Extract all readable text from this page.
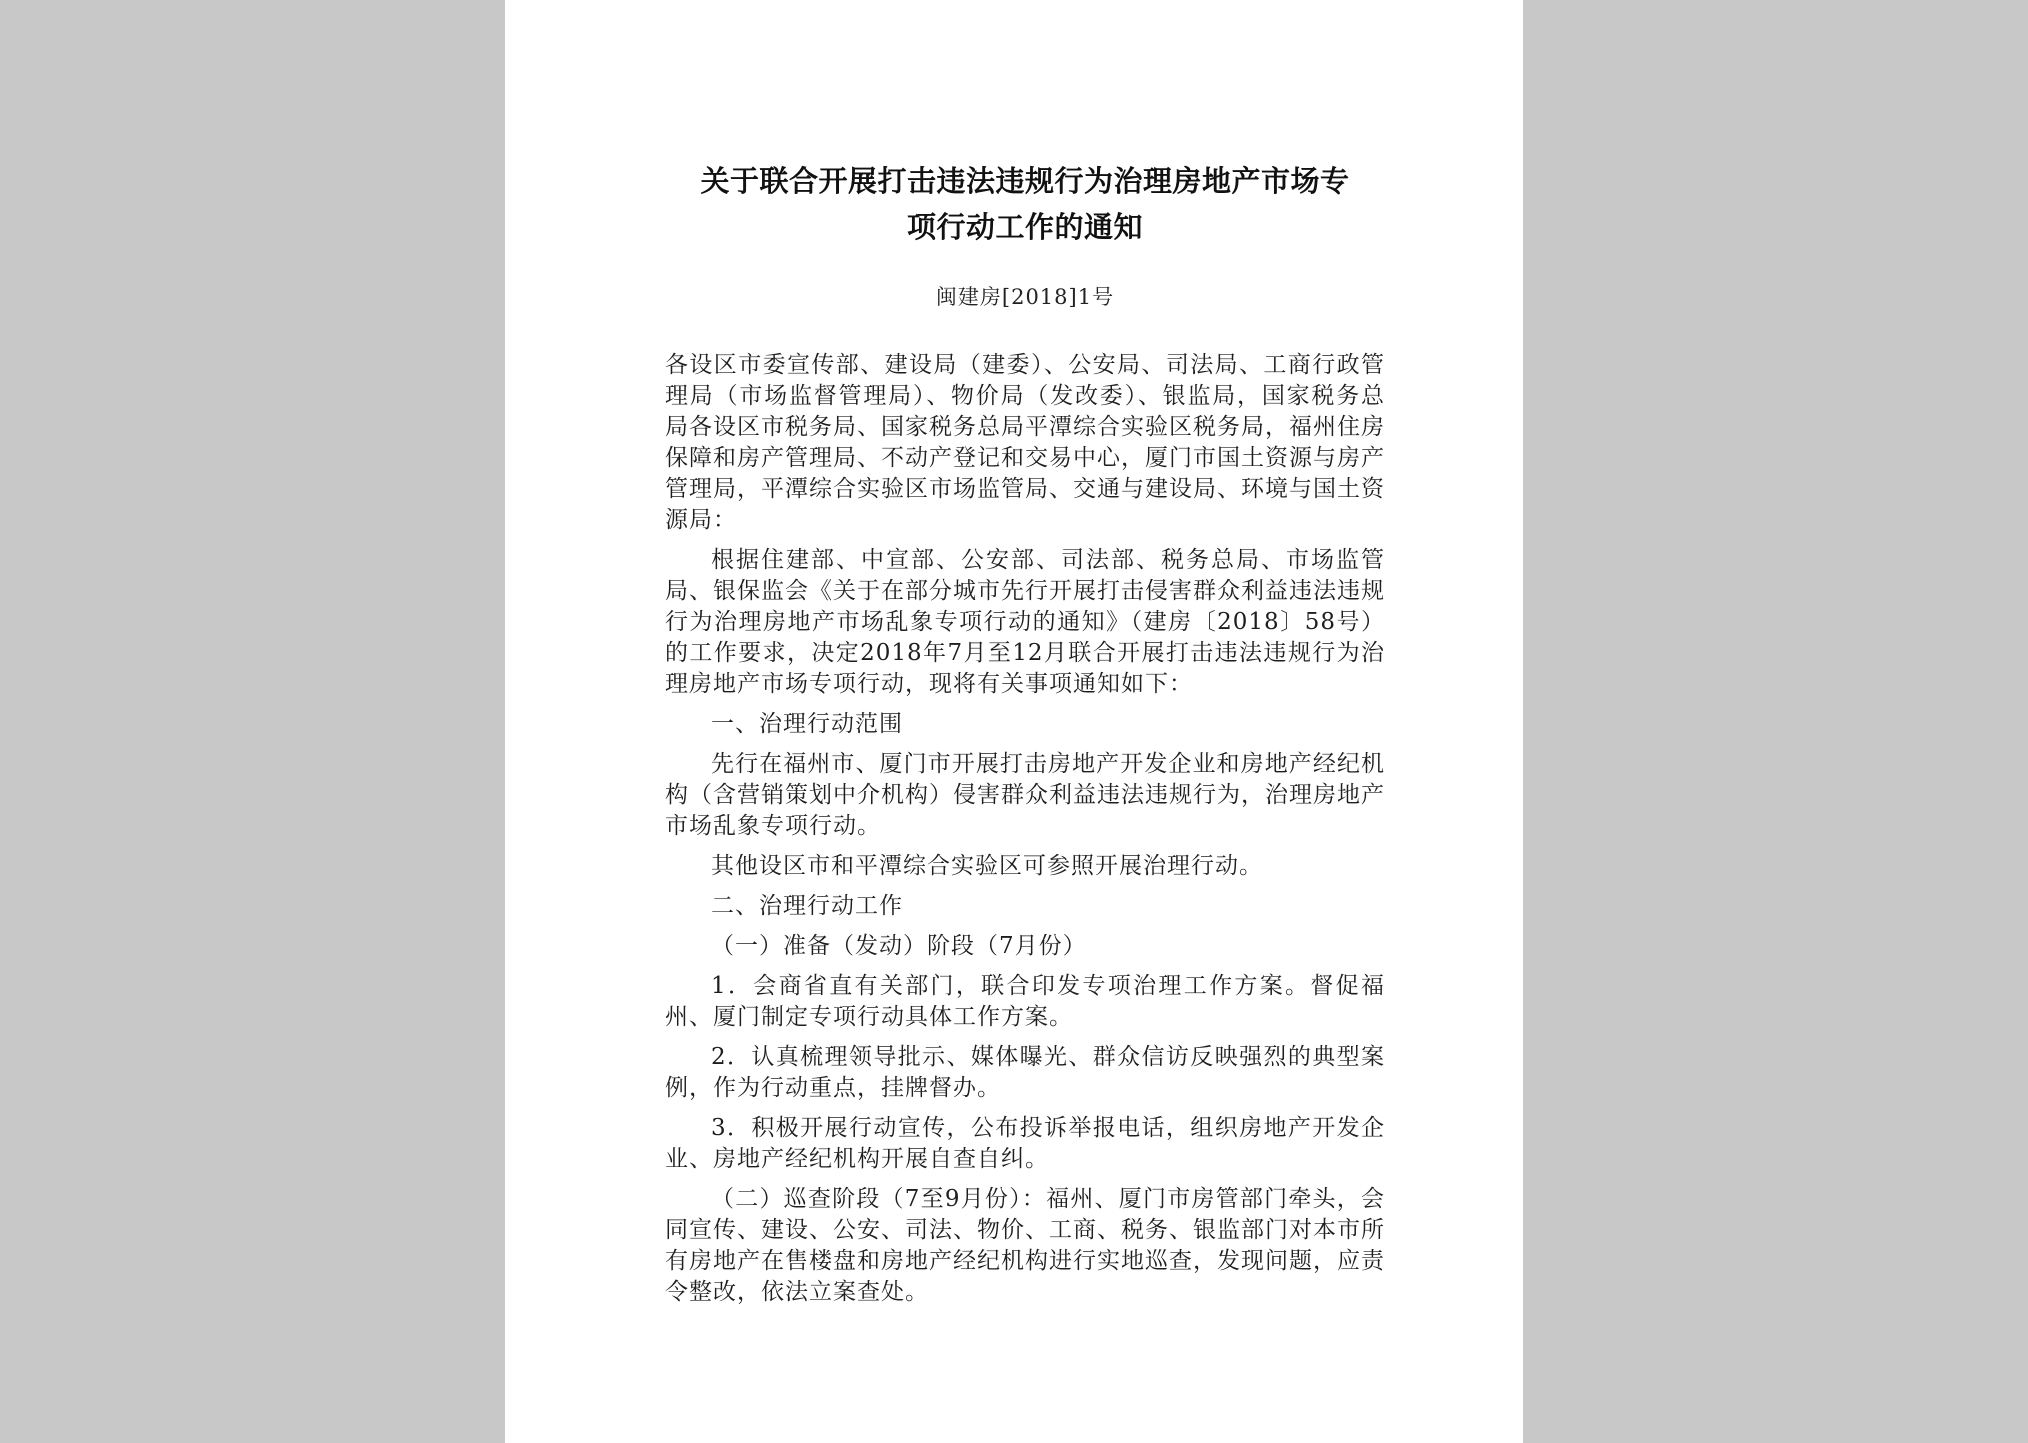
关于联合开展打击违法违规行为治理房地产市场专
项行动工作的通知
闽建房[2018]1号

各设区市委宣传部、建设局（建委）、公安局、司法局、工商行政管理局（市场监督管理局）、物价局（发改委）、银监局，国家税务总局各设区市税务局、国家税务总局平潭综合实验区税务局，福州住房保障和房产管理局、不动产登记和交易中心，厦门市国土资源与房产管理局，平潭综合实验区市场监管局、交通与建设局、环境与国土资源局：

根据住建部、中宣部、公安部、司法部、税务总局、市场监管局、银保监会《关于在部分城市先行开展打击侵害群众利益违法违规行为治理房地产市场乱象专项行动的通知》（建房〔2018〕58号）的工作要求，决定2018年7月至12月联合开展打击违法违规行为治理房地产市场专项行动，现将有关事项通知如下：

一、治理行动范围

先行在福州市、厦门市开展打击房地产开发企业和房地产经纪机构（含营销策划中介机构）侵害群众利益违法违规行为，治理房地产市场乱象专项行动。

其他设区市和平潭综合实验区可参照开展治理行动。

二、治理行动工作

（一）准备（发动）阶段（7月份）

1．会商省直有关部门，联合印发专项治理工作方案。督促福州、厦门制定专项行动具体工作方案。

2．认真梳理领导批示、媒体曝光、群众信访反映强烈的典型案例，作为行动重点，挂牌督办。

3．积极开展行动宣传，公布投诉举报电话，组织房地产开发企业、房地产经纪机构开展自查自纠。

（二）巡查阶段（7至9月份）：福州、厦门市房管部门牵头，会同宣传、建设、公安、司法、物价、工商、税务、银监部门对本市所有房地产在售楼盘和房地产经纪机构进行实地巡查，发现问题，应责令整改，依法立案查处。
